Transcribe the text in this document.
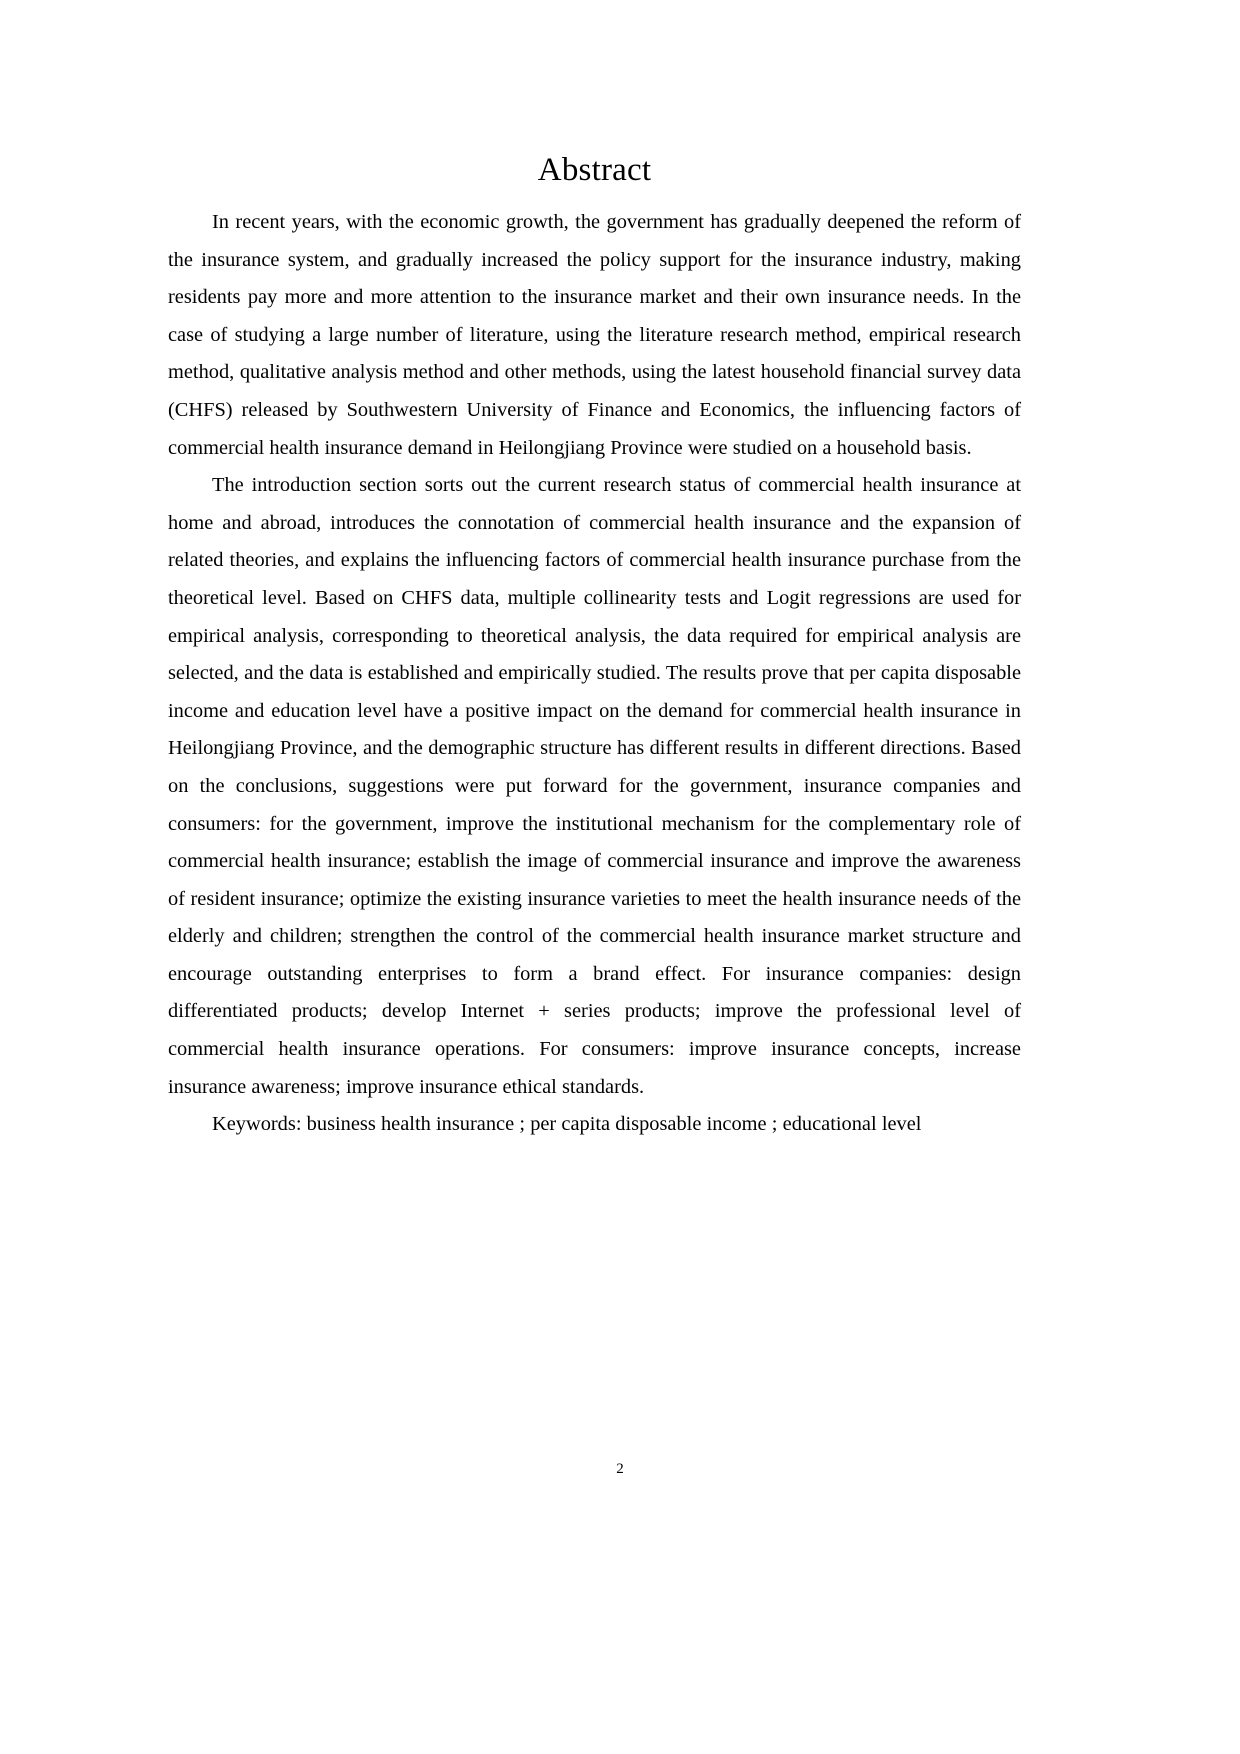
Abstract

In recent years, with the economic growth, the government has gradually deepened the reform of the insurance system, and gradually increased the policy support for the insurance industry, making residents pay more and more attention to the insurance market and their own insurance needs. In the case of studying a large number of literature, using the literature research method, empirical research method, qualitative analysis method and other methods, using the latest household financial survey data (CHFS) released by Southwestern University of Finance and Economics, the influencing factors of commercial health insurance demand in Heilongjiang Province were studied on a household basis.

The introduction section sorts out the current research status of commercial health insurance at home and abroad, introduces the connotation of commercial health insurance and the expansion of related theories, and explains the influencing factors of commercial health insurance purchase from the theoretical level. Based on CHFS data, multiple collinearity tests and Logit regressions are used for empirical analysis, corresponding to theoretical analysis, the data required for empirical analysis are selected, and the data is established and empirically studied. The results prove that per capita disposable income and education level have a positive impact on the demand for commercial health insurance in Heilongjiang Province, and the demographic structure has different results in different directions. Based on the conclusions, suggestions were put forward for the government, insurance companies and consumers: for the government, improve the institutional mechanism for the complementary role of commercial health insurance; establish the image of commercial insurance and improve the awareness of resident insurance; optimize the existing insurance varieties to meet the health insurance needs of the elderly and children; strengthen the control of the commercial health insurance market structure and encourage outstanding enterprises to form a brand effect. For insurance companies: design differentiated products; develop Internet + series products; improve the professional level of commercial health insurance operations. For consumers: improve insurance concepts, increase insurance awareness; improve insurance ethical standards.

Keywords: business health insurance ; per capita disposable income ; educational level

2
